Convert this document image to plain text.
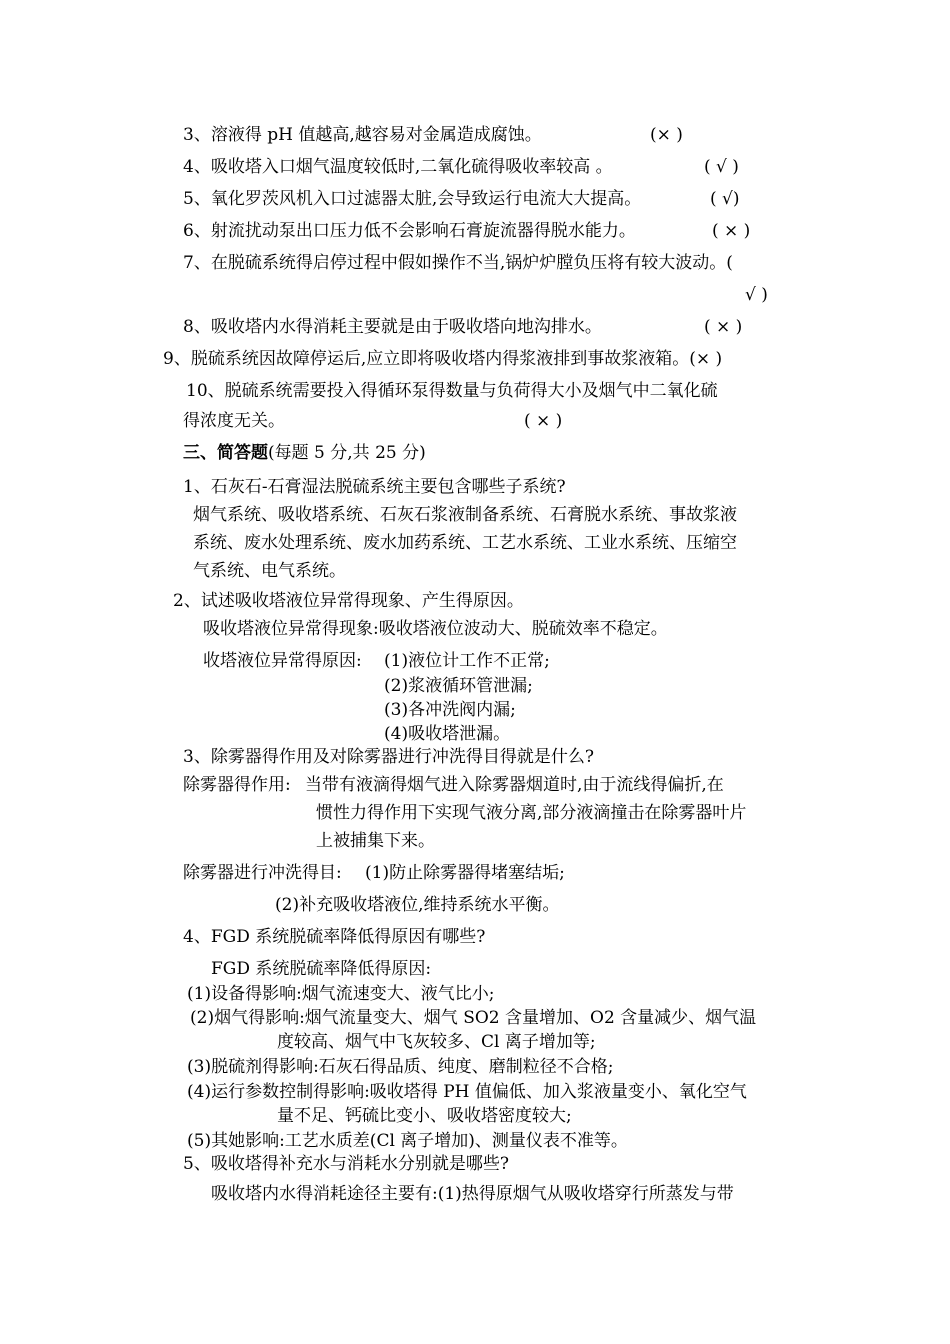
3、溶液得 pH 值越高,越容易对金属造成腐蚀。	(× )
4、吸收塔入口烟气温度较低时,二氧化硫得吸收率较高 。	( √ )
5、氧化罗茨风机入口过滤器太脏,会导致运行电流大大提高。	( √)
6、射流扰动泵出口压力低不会影响石膏旋流器得脱水能力。	( × )
7、在脱硫系统得启停过程中假如操作不当,锅炉炉膛负压将有较大波动。(
√ )
8、吸收塔内水得消耗主要就是由于吸收塔向地沟排水。	( × )
9、脱硫系统因故障停运后,应立即将吸收塔内得浆液排到事故浆液箱。(× )
10、脱硫系统需要投入得循环泵得数量与负荷得大小及烟气中二氧化硫
得浓度无关。	( × )
三、简答题(每题 5 分,共 25 分)
1、石灰石-石膏湿法脱硫系统主要包含哪些子系统?
烟气系统、吸收塔系统、石灰石浆液制备系统、石膏脱水系统、事故浆液
系统、废水处理系统、废水加药系统、工艺水系统、工业水系统、压缩空
气系统、电气系统。
2、试述吸收塔液位异常得现象、产生得原因。
吸收塔液位异常得现象:吸收塔液位波动大、脱硫效率不稳定。
收塔液位异常得原因: (1)液位计工作不正常;
(2)浆液循环管泄漏;
(3)各冲洗阀内漏;
(4)吸收塔泄漏。
3、除雾器得作用及对除雾器进行冲洗得目得就是什么?
除雾器得作用: 当带有液滴得烟气进入除雾器烟道时,由于流线得偏折,在
惯性力得作用下实现气液分离,部分液滴撞击在除雾器叶片
上被捕集下来。
除雾器进行冲洗得目: (1)防止除雾器得堵塞结垢;
(2)补充吸收塔液位,维持系统水平衡。
4、FGD 系统脱硫率降低得原因有哪些?
FGD 系统脱硫率降低得原因:
(1)设备得影响:烟气流速变大、液气比小;
(2)烟气得影响:烟气流量变大、烟气 SO2 含量增加、O2 含量减少、烟气温
度较高、烟气中飞灰较多、Cl 离子增加等;
(3)脱硫剂得影响:石灰石得品质、纯度、磨制粒径不合格;
(4)运行参数控制得影响:吸收塔得 PH 值偏低、加入浆液量变小、氧化空气
量不足、钙硫比变小、吸收塔密度较大;
(5)其她影响:工艺水质差(Cl 离子增加)、测量仪表不准等。
5、吸收塔得补充水与消耗水分别就是哪些?
吸收塔内水得消耗途径主要有:(1)热得原烟气从吸收塔穿行所蒸发与带
